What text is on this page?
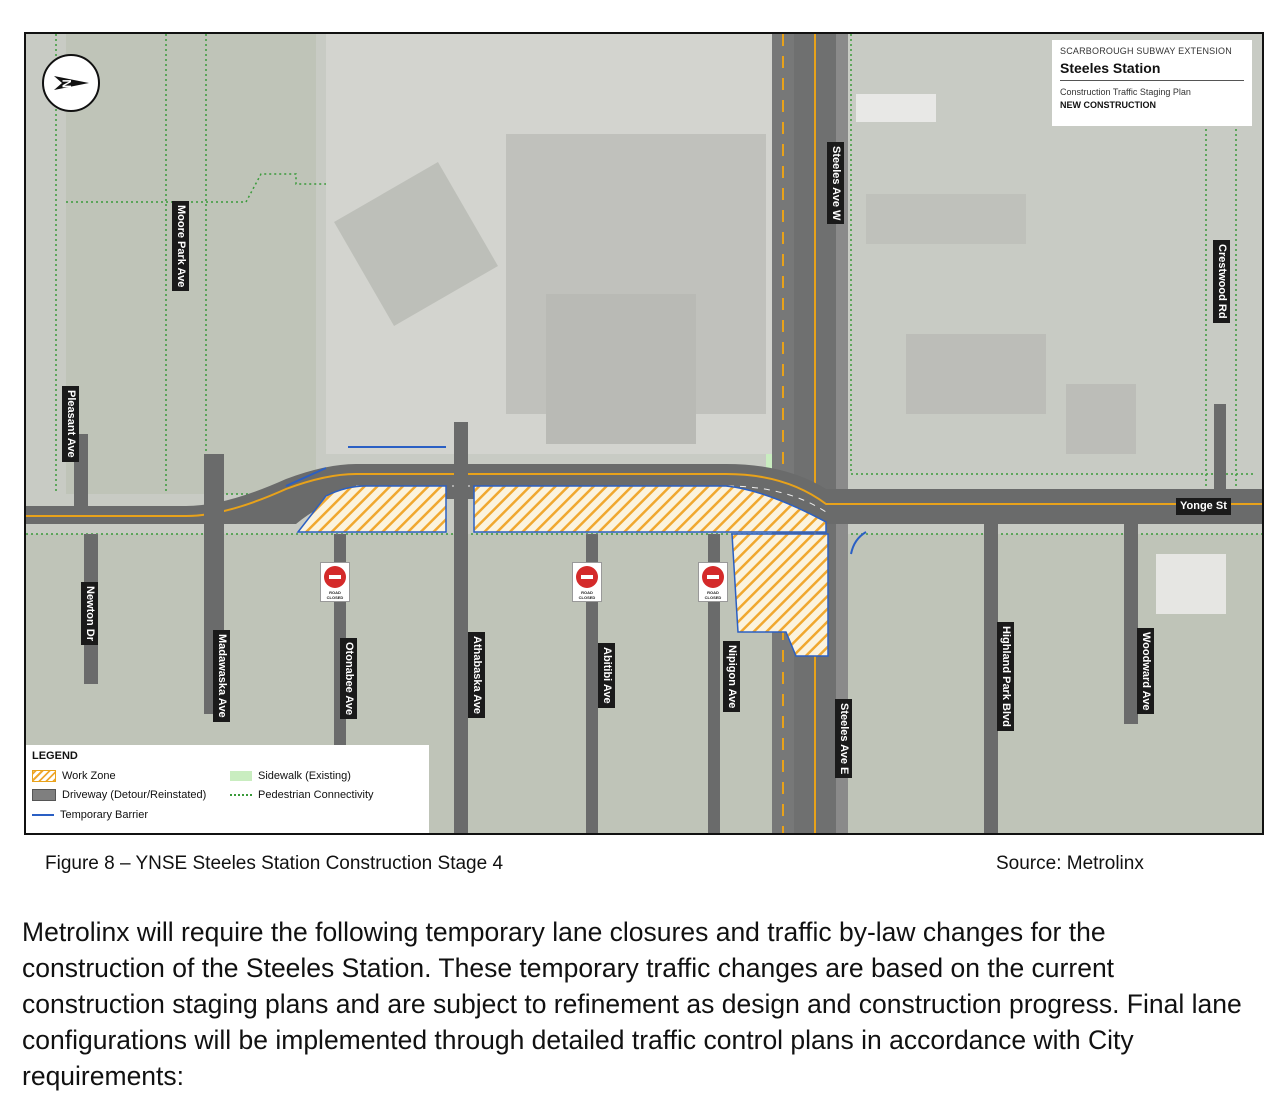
N
SCARBOROUGH SUBWAY EXTENSION
Steeles Station
Construction Traffic Staging Plan
NEW CONSTRUCTION
Moore Park Ave
Pleasant Ave
Newton Dr
Madawaska Ave	Otonabee Ave	Athabaska Ave	Abitibi Ave	Nipigon Ave
Steeles Ave W
Steeles Ave E
Highland Park Blvd	Woodward Ave
Crestwood Rd
Yonge St
ROAD CLOSED
ROAD CLOSED
ROAD CLOSED
LEGEND
Work Zone	Sidewalk (Existing)
Driveway (Detour/Reinstated)	Pedestrian Connectivity
Temporary Barrier
Figure 8 – YNSE Steeles Station Construction Stage 4	Source: Metrolinx
Metrolinx will require the following temporary lane closures and traffic by-law changes for the construction of the Steeles Station. These temporary traffic changes are based on the current construction staging plans and are subject to refinement as design and construction progress. Final lane configurations will be implemented through detailed traffic control plans in accordance with City requirements:
